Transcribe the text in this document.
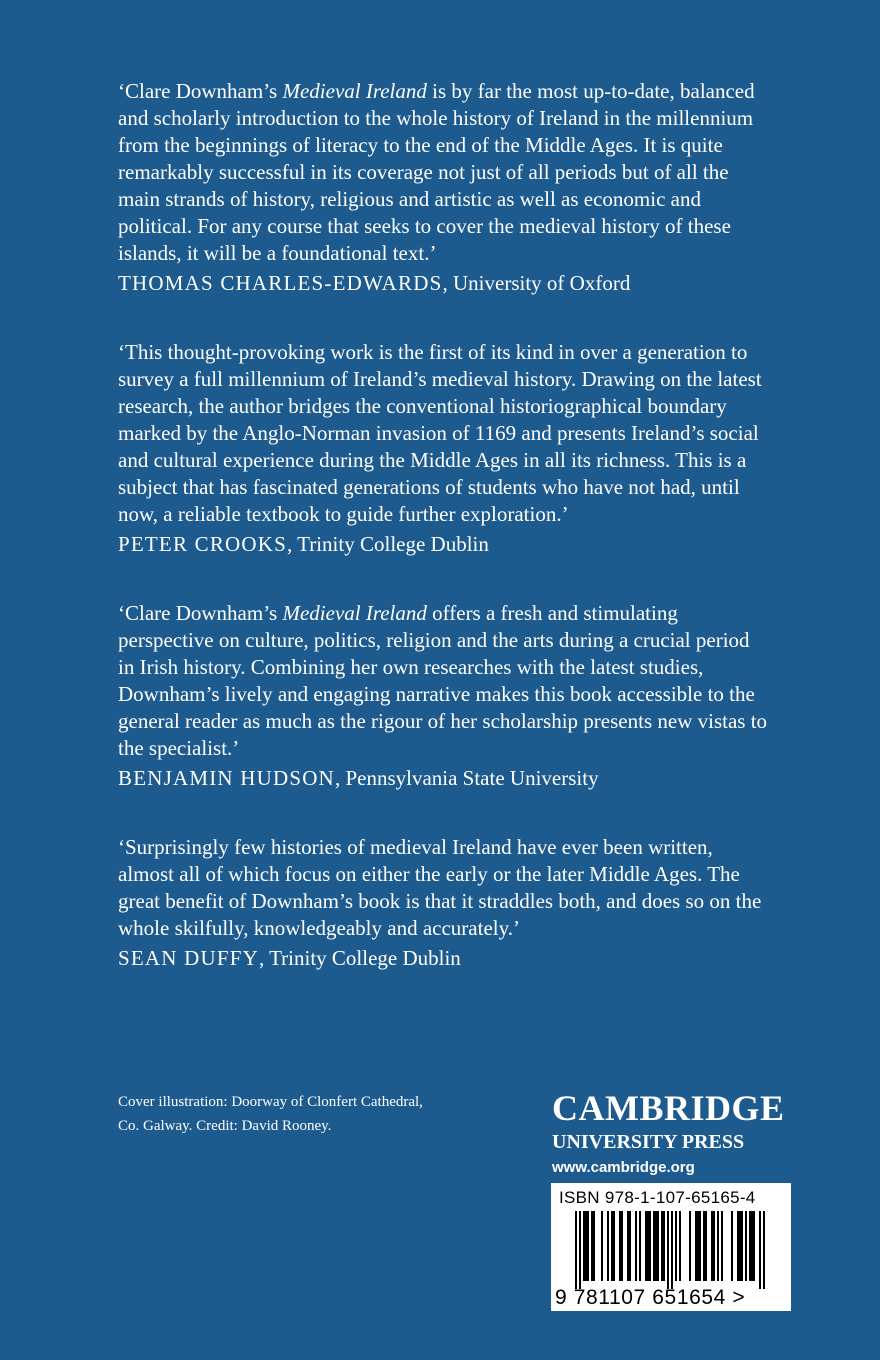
‘Clare Downham’s Medieval Ireland is by far the most up-to-date, balanced and scholarly introduction to the whole history of Ireland in the millennium from the beginnings of literacy to the end of the Middle Ages. It is quite remarkably successful in its coverage not just of all periods but of all the main strands of history, religious and artistic as well as economic and political. For any course that seeks to cover the medieval history of these islands, it will be a foundational text.’

THOMAS CHARLES-EDWARDS, University of Oxford

‘This thought-provoking work is the first of its kind in over a generation to survey a full millennium of Ireland’s medieval history. Drawing on the latest research, the author bridges the conventional historiographical boundary marked by the Anglo-Norman invasion of 1169 and presents Ireland’s social and cultural experience during the Middle Ages in all its richness. This is a subject that has fascinated generations of students who have not had, until now, a reliable textbook to guide further exploration.’

PETER CROOKS, Trinity College Dublin

‘Clare Downham’s Medieval Ireland offers a fresh and stimulating perspective on culture, politics, religion and the arts during a crucial period in Irish history. Combining her own researches with the latest studies, Downham’s lively and engaging narrative makes this book accessible to the general reader as much as the rigour of her scholarship presents new vistas to the specialist.’

BENJAMIN HUDSON, Pennsylvania State University

‘Surprisingly few histories of medieval Ireland have ever been written, almost all of which focus on either the early or the later Middle Ages. The great benefit of Downham’s book is that it straddles both, and does so on the whole skilfully, knowledgeably and accurately.’

SEAN DUFFY, Trinity College Dublin

Cover illustration: Doorway of Clonfert Cathedral,
Co. Galway. Credit: David Rooney.	CAMBRIDGE

UNIVERSITY PRESS

www.cambridge.org

ISBN 978-1-107-65165-4
9 781107 651654 >
